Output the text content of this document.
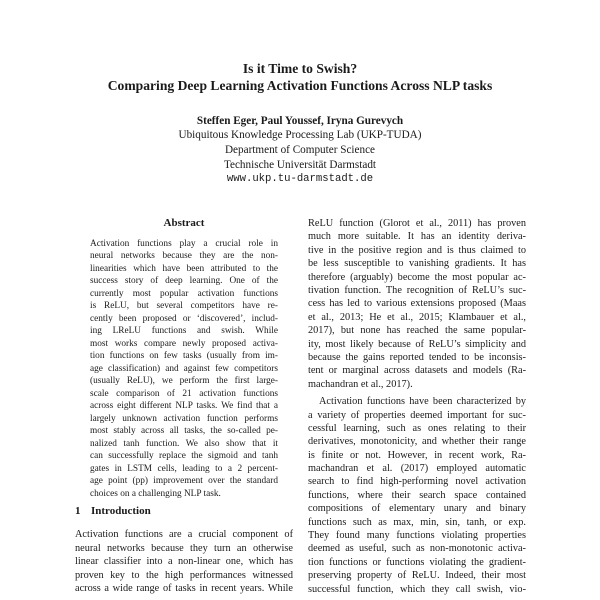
Is it Time to Swish?
Comparing Deep Learning Activation Functions Across NLP tasks
Steffen Eger, Paul Youssef, Iryna Gurevych
Ubiquitous Knowledge Processing Lab (UKP-TUDA)
Department of Computer Science
Technische Universität Darmstadt
www.ukp.tu-darmstadt.de
Abstract
Activation functions play a crucial role in
neural networks because they are the non-
linearities which have been attributed to the
success story of deep learning. One of the
currently most popular activation functions
is ReLU, but several competitors have re-
cently been proposed or ‘discovered’, includ-
ing LReLU functions and swish. While
most works compare newly proposed activa-
tion functions on few tasks (usually from im-
age classification) and against few competitors
(usually ReLU), we perform the first large-
scale comparison of 21 activation functions
across eight different NLP tasks. We find that a
largely unknown activation function performs
most stably across all tasks, the so-called pe-
nalized tanh function. We also show that it
can successfully replace the sigmoid and tanh
gates in LSTM cells, leading to a 2 percent-
age point (pp) improvement over the standard
choices on a challenging NLP task.
1 Introduction
Activation functions are a crucial component of
neural networks because they turn an otherwise
linear classifier into a non-linear one, which has
proven key to the high performances witnessed
across a wide range of tasks in recent years. While
ReLU function (Glorot et al., 2011) has proven
much more suitable. It has an identity deriva-
tive in the positive region and is thus claimed to
be less susceptible to vanishing gradients. It has
therefore (arguably) become the most popular ac-
tivation function. The recognition of ReLU’s suc-
cess has led to various extensions proposed (Maas
et al., 2013; He et al., 2015; Klambauer et al.,
2017), but none has reached the same popular-
ity, most likely because of ReLU’s simplicity and
because the gains reported tended to be inconsis-
tent or marginal across datasets and models (Ra-
machandran et al., 2017).
Activation functions have been characterized by
a variety of properties deemed important for suc-
cessful learning, such as ones relating to their
derivatives, monotonicity, and whether their range
is finite or not. However, in recent work, Ra-
machandran et al. (2017) employed automatic
search to find high-performing novel activation
functions, where their search space contained
compositions of elementary unary and binary
functions such as max, min, sin, tanh, or exp.
They found many functions violating properties
deemed as useful, such as non-monotonic activa-
tion functions or functions violating the gradient-
preserving property of ReLU. Indeed, their most
successful function, which they call swish, vio-
